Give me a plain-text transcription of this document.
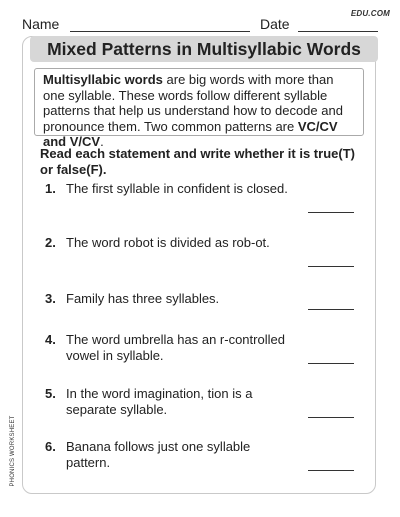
Name	Date
EDU.COM
Mixed Patterns in Multisyllabic Words
Multisyllabic words are big words with more than one syllable. These words follow different syllable patterns that help us understand how to decode and pronounce them. Two common patterns are VC/CV and V/CV.
Read each statement and write whether it is true(T) or false(F).
1. The first syllable in confident is closed.
2. The word robot is divided as rob-ot.
3. Family has three syllables.
4. The word umbrella has an r-controlled vowel in syllable.
5. In the word imagination, tion is a separate syllable.
6. Banana follows just one syllable pattern.
PHONICS WORKSHEET
